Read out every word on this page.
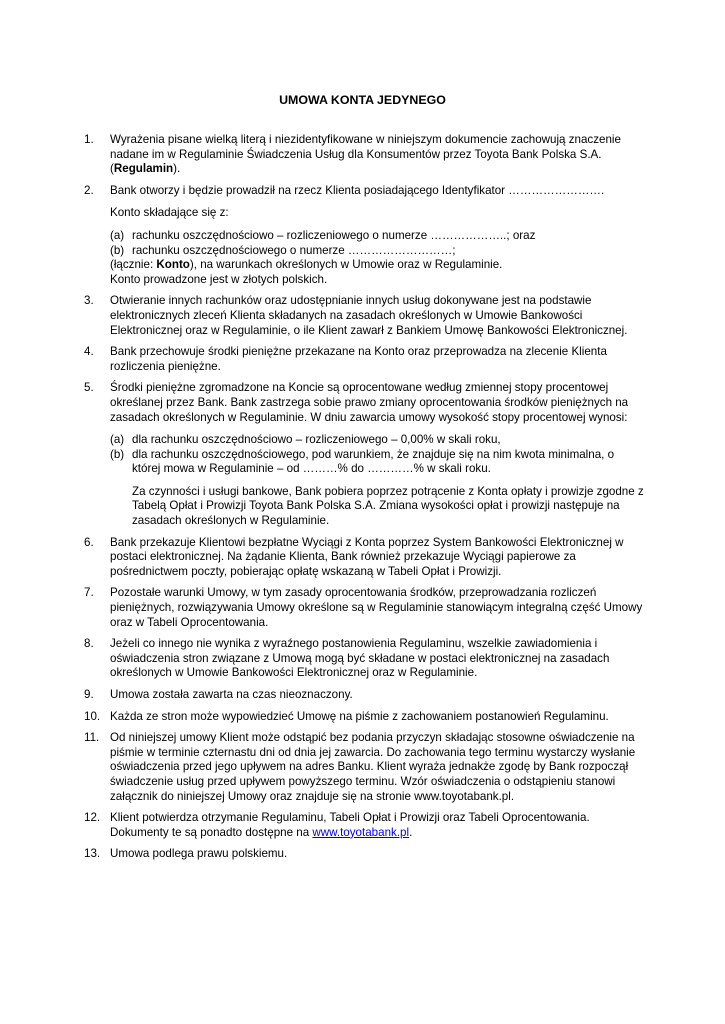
UMOWA KONTA JEDYNEGO
1. Wyrażenia pisane wielką literą i niezidentyfikowane w niniejszym dokumencie zachowują znaczenie nadane im w Regulaminie Świadczenia Usług dla Konsumentów przez Toyota Bank Polska S.A. (Regulamin).
2. Bank otworzy i będzie prowadził na rzecz Klienta posiadającego Identyfikator …………………….
Konto składające się z:
(a) rachunku oszczędnościowo – rozliczeniowego o numerze ………………..; oraz
(b) rachunku oszczędnościowego o numerze ………………………;
(łącznie: Konto), na warunkach określonych w Umowie oraz w Regulaminie.
Konto prowadzone jest w złotych polskich.
3. Otwieranie innych rachunków oraz udostępnianie innych usług dokonywane jest na podstawie elektronicznych zleceń Klienta składanych na zasadach określonych w Umowie Bankowości Elektronicznej oraz w Regulaminie, o ile Klient zawarł z Bankiem Umowę Bankowości Elektronicznej.
4. Bank przechowuje środki pieniężne przekazane na Konto oraz przeprowadza na zlecenie Klienta rozliczenia pieniężne.
5. Środki pieniężne zgromadzone na Koncie są oprocentowane według zmiennej stopy procentowej określanej przez Bank. Bank zastrzega sobie prawo zmiany oprocentowania środków pieniężnych na zasadach określonych w Regulaminie. W dniu zawarcia umowy wysokość stopy procentowej wynosi:
(a) dla rachunku oszczędnościowo – rozliczeniowego – 0,00% w skali roku,
(b) dla rachunku oszczędnościowego, pod warunkiem, że znajduje się na nim kwota minimalna, o której mowa w Regulaminie – od ………% do …………% w skali roku.
Za czynności i usługi bankowe, Bank pobiera poprzez potrącenie z Konta opłaty i prowizje zgodne z Tabelą Opłat i Prowizji Toyota Bank Polska S.A. Zmiana wysokości opłat i prowizji następuje na zasadach określonych w Regulaminie.
6. Bank przekazuje Klientowi bezpłatne Wyciągi z Konta poprzez System Bankowości Elektronicznej w postaci elektronicznej. Na żądanie Klienta, Bank również przekazuje Wyciągi papierowe za pośrednictwem poczty, pobierając opłatę wskazaną w Tabeli Opłat i Prowizji.
7. Pozostałe warunki Umowy, w tym zasady oprocentowania środków, przeprowadzania rozliczeń pieniężnych, rozwiązywania Umowy określone są w Regulaminie stanowiącym integralną część Umowy oraz w Tabeli Oprocentowania.
8. Jeżeli co innego nie wynika z wyraźnego postanowienia Regulaminu, wszelkie zawiadomienia i oświadczenia stron związane z Umową mogą być składane w postaci elektronicznej na zasadach określonych w Umowie Bankowości Elektronicznej oraz w Regulaminie.
9. Umowa została zawarta na czas nieoznaczony.
10. Każda ze stron może wypowiedzieć Umowę na piśmie z zachowaniem postanowień Regulaminu.
11. Od niniejszej umowy Klient może odstąpić bez podania przyczyn składając stosowne oświadczenie na piśmie w terminie czternastu dni od dnia jej zawarcia. Do zachowania tego terminu wystarczy wysłanie oświadczenia przed jego upływem na adres Banku. Klient wyraża jednakże zgodę by Bank rozpoczął świadczenie usług przed upływem powyższego terminu. Wzór oświadczenia o odstąpieniu stanowi załącznik do niniejszej Umowy oraz znajduje się na stronie www.toyotabank.pl.
12. Klient potwierdza otrzymanie Regulaminu, Tabeli Opłat i Prowizji oraz Tabeli Oprocentowania. Dokumenty te są ponadto dostępne na www.toyotabank.pl.
13. Umowa podlega prawu polskiemu.
